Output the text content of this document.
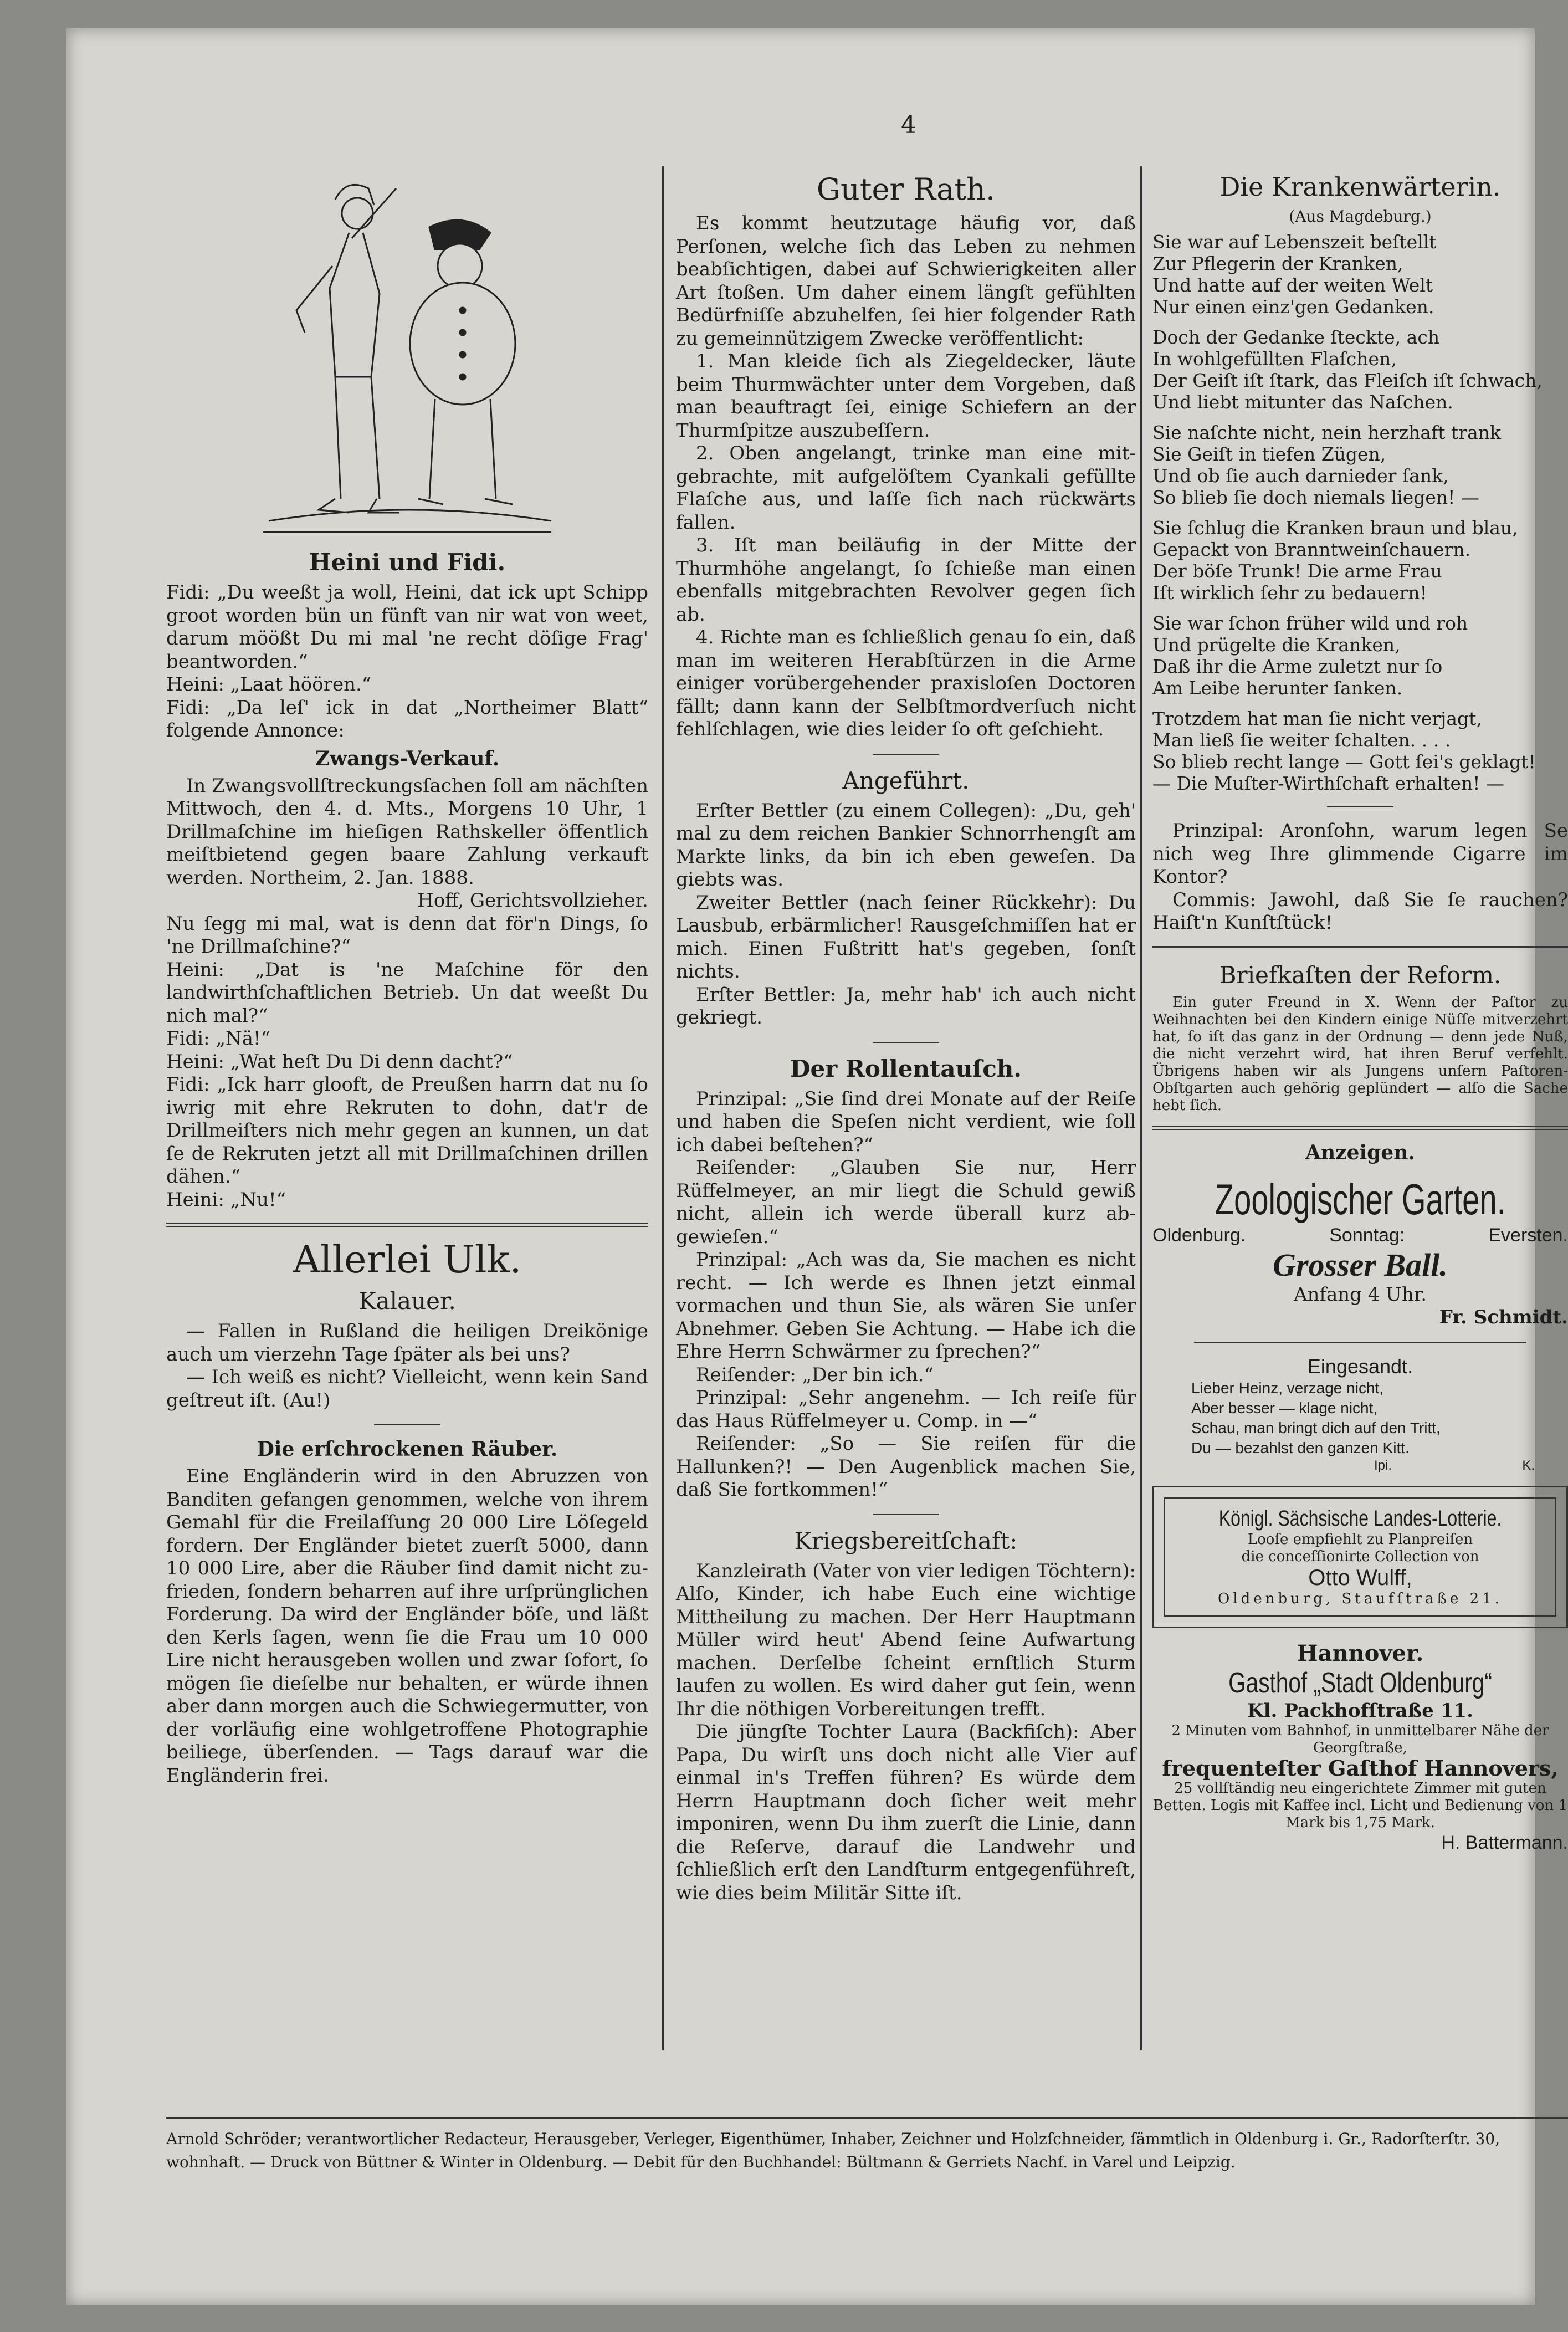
4
Heini und Fidi.

Fidi: „Du weeßt ja woll, Heini, dat ick upt Schipp groot worden bün un fünft van nir wat von weet, darum möößt Du mi mal 'ne recht döſige Frag' beantworden.“

Heini: „Laat höören.“

Fidi: „Da leſ' ick in dat „Northeimer Blatt“ folgende Annonce:

Zwangs-Verkauf.

In Zwangsvollſtreckungsſachen ſoll am nächſten Mittwoch, den 4. d. Mts., Morgens 10 Uhr, 1 Drillmaſchine im hieſigen Rathskeller öffentlich meiſtbietend gegen baare Zahlung verkauft werden. Northeim, 2. Jan. 1888.

Hoff, Gerichtsvollzieher.

Nu ſegg mi mal, wat is denn dat för'n Dings, ſo 'ne Drillmaſchine?“

Heini: „Dat is 'ne Maſchine för den landwirthſchaftlichen Betrieb. Un dat weeßt Du nich mal?“

Fidi: „Nä!“

Heini: „Wat heſt Du Di denn dacht?“

Fidi: „Ick harr glooft, de Preußen harrn dat nu ſo iwrig mit ehre Rekruten to dohn, dat'r de Drillmeiſters nich mehr gegen an kunnen, un dat ſe de Rekruten jetzt all mit Drillmaſchinen drillen dähen.“

Heini: „Nu!“

Allerlei Ulk.
Kalauer.

— Fallen in Rußland die heiligen Dreikönige auch um vierzehn Tage ſpäter als bei uns?

— Ich weiß es nicht? Vielleicht, wenn kein Sand geſtreut iſt. (Au!)

Die erſchrockenen Räuber.

Eine Engländerin wird in den Abruzzen von Banditen gefangen genommen, welche von ihrem Gemahl für die Freilaſſung 20 000 Lire Löſegeld fordern. Der Engländer bietet zuerſt 5000, dann 10 000 Lire, aber die Räuber ſind damit nicht zufrieden, ſondern beharren auf ihre urſprünglichen Forderung. Da wird der Engländer böſe, und läßt den Kerls ſagen, wenn ſie die Frau um 10 000 Lire nicht herausgeben wollen und zwar ſofort, ſo mögen ſie dieſelbe nur behalten, er würde ihnen aber dann morgen auch die Schwiegermutter, von der vorläufig eine wohlgetroffene Photographie beiliege, überſenden. — Tags darauf war die Engländerin frei.

Guter Rath.

Es kommt heutzutage häufig vor, daß Perſonen, welche ſich das Leben zu nehmen beabſichtigen, dabei auf Schwierigkeiten aller Art ſtoßen. Um daher einem längſt gefühlten Bedürfniſſe abzuhelfen, ſei hier folgender Rath zu gemeinnützigem Zwecke veröffentlicht:

1. Man kleide ſich als Ziegeldecker, läute beim Thurmwächter unter dem Vorgeben, daß man beauftragt ſei, einige Schiefern an der Thurmſpitze auszubeſſern.

2. Oben angelangt, trinke man eine mitgebrachte, mit aufgelöſtem Cyankali gefüllte Flaſche aus, und laſſe ſich nach rückwärts fallen.

3. Iſt man beiläufig in der Mitte der Thurmhöhe angelangt, ſo ſchieße man einen ebenfalls mitgebrachten Revolver gegen ſich ab.

4. Richte man es ſchließlich genau ſo ein, daß man im weiteren Herabſtürzen in die Arme einiger vorübergehender praxisloſen Doctoren fällt; dann kann der Selbſtmordverſuch nicht fehlſchlagen, wie dies leider ſo oft geſchieht.

Angeführt.

Erſter Bettler (zu einem Collegen): „Du, geh' mal zu dem reichen Bankier Schnorrhengſt am Markte links, da bin ich eben geweſen. Da giebts was.

Zweiter Bettler (nach ſeiner Rückkehr): Du Lausbub, erbärmlicher! Rausgeſchmiſſen hat er mich. Einen Fußtritt hat's gegeben, ſonſt nichts.

Erſter Bettler: Ja, mehr hab' ich auch nicht gekriegt.

Der Rollentauſch.

Prinzipal: „Sie ſind drei Monate auf der Reiſe und haben die Speſen nicht verdient, wie ſoll ich dabei beſtehen?“

Reiſender: „Glauben Sie nur, Herr Rüffelmeyer, an mir liegt die Schuld gewiß nicht, allein ich werde überall kurz abgewieſen.“

Prinzipal: „Ach was da, Sie machen es nicht recht. — Ich werde es Ihnen jetzt einmal vormachen und thun Sie, als wären Sie unſer Abnehmer. Geben Sie Achtung. — Habe ich die Ehre Herrn Schwärmer zu ſprechen?“

Reiſender: „Der bin ich.“

Prinzipal: „Sehr angenehm. — Ich reiſe für das Haus Rüffelmeyer u. Comp. in —“

Reiſender: „So — Sie reiſen für die Hallunken?! — Den Augenblick machen Sie, daß Sie fortkommen!“

Kriegsbereitſchaft:

Kanzleirath (Vater von vier ledigen Töchtern): Alſo, Kinder, ich habe Euch eine wichtige Mittheilung zu machen. Der Herr Hauptmann Müller wird heut' Abend ſeine Aufwartung machen. Derſelbe ſcheint ernſtlich Sturm laufen zu wollen. Es wird daher gut ſein, wenn Ihr die nöthigen Vorbereitungen trefft.

Die jüngſte Tochter Laura (Backfiſch): Aber Papa, Du wirſt uns doch nicht alle Vier auf einmal in's Treffen führen? Es würde dem Herrn Hauptmann doch ſicher weit mehr imponiren, wenn Du ihm zuerſt die Linie, dann die Reſerve, darauf die Landwehr und ſchließlich erſt den Landſturm entgegenführeſt, wie dies beim Militär Sitte iſt.

Die Krankenwärterin.
(Aus Magdeburg.)
Sie war auf Lebenszeit beſtellt
Zur Pflegerin der Kranken,
Und hatte auf der weiten Welt
Nur einen einz'gen Gedanken.
Doch der Gedanke ſteckte, ach
In wohlgefüllten Flaſchen,
Der Geiſt iſt ſtark, das Fleiſch iſt ſchwach,
Und liebt mitunter das Naſchen.
Sie naſchte nicht, nein herzhaft trank
Sie Geiſt in tiefen Zügen,
Und ob ſie auch darnieder ſank,
So blieb ſie doch niemals liegen! —
Sie ſchlug die Kranken braun und blau,
Gepackt von Branntweinſchauern.
Der böſe Trunk! Die arme Frau
Iſt wirklich ſehr zu bedauern!
Sie war ſchon früher wild und roh
Und prügelte die Kranken,
Daß ihr die Arme zuletzt nur ſo
Am Leibe herunter ſanken.
Trotzdem hat man ſie nicht verjagt,
Man ließ ſie weiter ſchalten. . . .
So blieb recht lange — Gott ſei's geklagt!
— Die Muſter-Wirthſchaft erhalten! —

Prinzipal: Aronſohn, warum legen Se nich weg Ihre glimmende Cigarre im Kontor?

Commis: Jawohl, daß Sie ſe rauchen? Haiſt'n Kunſtſtück!

Briefkaſten der Reform.

Ein guter Freund in X. Wenn der Paſtor zu Weihnachten bei den Kindern einige Nüſſe mitverzehrt hat, ſo iſt das ganz in der Ordnung — denn jede Nuß, die nicht verzehrt wird, hat ihren Beruf verfehlt. Übrigens haben wir als Jungens unſern Paſtoren-Obſtgarten auch gehörig geplündert — alſo die Sache hebt ſich.

Anzeigen.
Zoologischer Garten.
Oldenburg.	Sonntag:	Eversten.
Grosser Ball.

Anfang 4 Uhr.

Fr. Schmidt.

Eingesandt.
Lieber Heinz, verzage nicht,
Aber besser — klage nicht,
Schau, man bringt dich auf den Tritt,
Du — bezahlst den ganzen Kitt.
Ipi.	K.
Königl. Sächsische Landes-Lotterie.

Looſe empfiehlt zu Planpreiſen

die conceſſionirte Collection von

Otto Wulff,

Oldenburg, Staufſtraße 21.

Hannover.
Gasthof „Stadt Oldenburg“

Kl. Packhofſtraße 11.

2 Minuten vom Bahnhof, in unmittelbarer Nähe der Georgſtraße,

frequenteſter Gaſthof Hannovers,

25 vollſtändig neu eingerichtete Zimmer mit guten Betten. Logis mit Kaffee incl. Licht und Bedienung von 1 Mark bis 1,75 Mark.

H. Battermann.

Arnold Schröder; verantwortlicher Redacteur, Herausgeber, Verleger, Eigenthümer, Inhaber, Zeichner und Holzſchneider, ſämmtlich in Oldenburg i. Gr., Radorſterſtr. 30, wohnhaft. — Druck von Büttner & Winter in Oldenburg. — Debit für den Buchhandel: Bültmann & Gerriets Nachf. in Varel und Leipzig.
